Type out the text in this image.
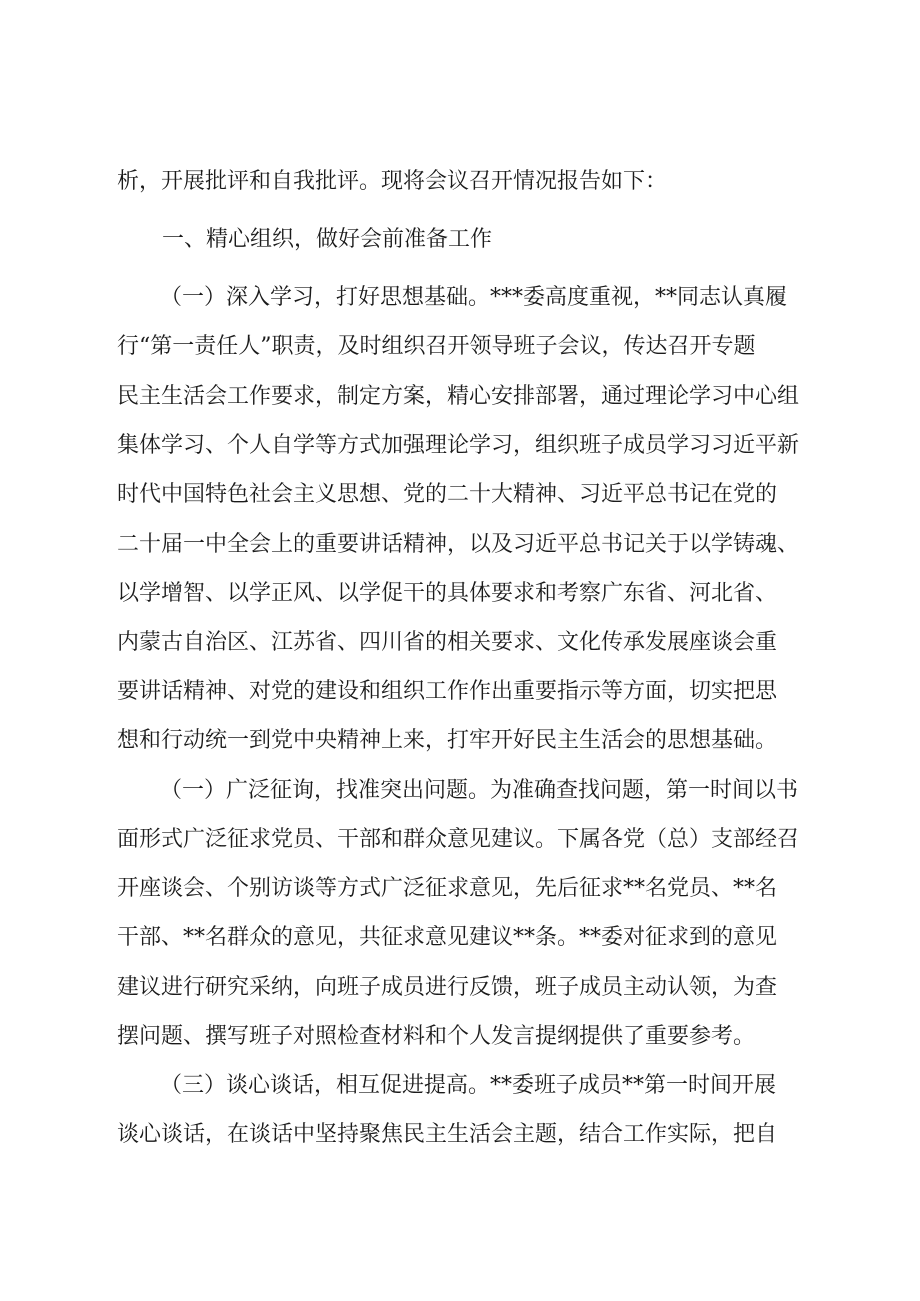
析，开展批评和自我批评。现将会议召开情况报告如下：
一、精心组织，做好会前准备工作
（一）深入学习，打好思想基础。***委高度重视，**同志认真履
行“第一责任人”职责，及时组织召开领导班子会议，传达召开专题
民主生活会工作要求，制定方案，精心安排部署，通过理论学习中心组
集体学习、个人自学等方式加强理论学习，组织班子成员学习习近平新
时代中国特色社会主义思想、党的二十大精神、习近平总书记在党的
二十届一中全会上的重要讲话精神，以及习近平总书记关于以学铸魂、
以学增智、以学正风、以学促干的具体要求和考察广东省、河北省、
内蒙古自治区、江苏省、四川省的相关要求、文化传承发展座谈会重
要讲话精神、对党的建设和组织工作作出重要指示等方面，切实把思
想和行动统一到党中央精神上来，打牢开好民主生活会的思想基础。
（一）广泛征询，找准突出问题。为准确查找问题，第一时间以书
面形式广泛征求党员、干部和群众意见建议。下属各党（总）支部经召
开座谈会、个别访谈等方式广泛征求意见，先后征求**名党员、**名
干部、**名群众的意见，共征求意见建议**条。**委对征求到的意见
建议进行研究采纳，向班子成员进行反馈，班子成员主动认领，为查
摆问题、撰写班子对照检查材料和个人发言提纲提供了重要参考。
（三）谈心谈话，相互促进提高。**委班子成员**第一时间开展
谈心谈话，在谈话中坚持聚焦民主生活会主题，结合工作实际，把自
